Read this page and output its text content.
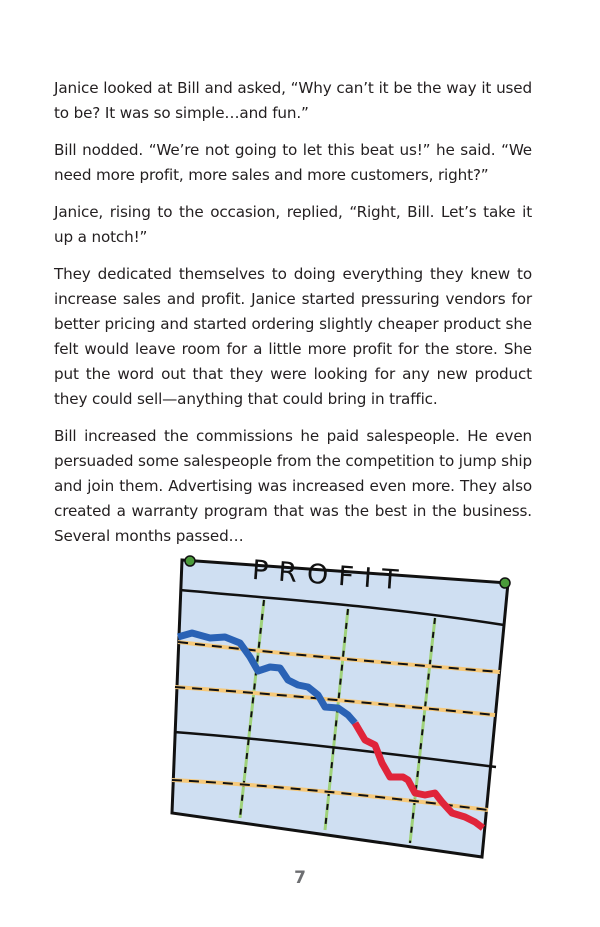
Janice looked at Bill and asked, “Why can’t it be the way it used to be? It was so simple…and fun.”

Bill nodded. “We’re not going to let this beat us!” he said. “We need more profit, more sales and more customers, right?”

Janice, rising to the occasion, replied, “Right, Bill. Let’s take it up a notch!”

They dedicated themselves to doing everything they knew to increase sales and profit. Janice started pressuring vendors for better pricing and started ordering slightly cheaper product she felt would leave room for a little more profit for the store. She put the word out that they were looking for any new product they could sell—anything that could bring in traffic.

Bill increased the commissions he paid salespeople. He even persuaded some salespeople from the competition to jump ship and join them. Advertising was increased even more. They also created a warranty program that was the best in the business. Several months passed…

PROFIT
7
